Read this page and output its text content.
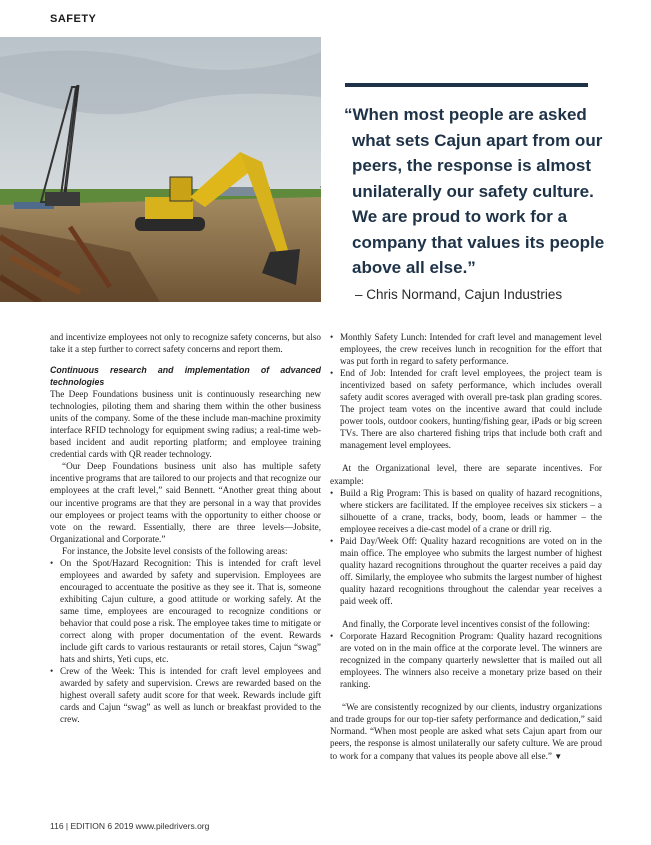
SAFETY
“When most people are asked what sets Cajun apart from our peers, the response is almost unilaterally our safety culture. We are proud to work for a company that values its people above all else.”
– Chris Normand, Cajun Industries

and incentivize employees not only to recognize safety concerns, but also take it a step further to correct safety concerns and report them.

Continuous research and implementation of advanced technologies

The Deep Foundations business unit is continuously researching new technologies, piloting them and sharing them within the other business units of the company. Some of the these include man-machine proximity interface RFID technology for equipment swing radius; a real-time web-based incident and audit reporting platform; and employee training credential cards with QR reader technology.

“Our Deep Foundations business unit also has multiple safety incentive programs that are tailored to our projects and that recognize our employees at the craft level,” said Bennett. “Another great thing about our incentive programs are that they are personal in a way that provides our employees or project teams with the opportunity to either choose or vote on the reward. Essentially, there are three levels—Jobsite, Organizational and Corporate.”

For instance, the Jobsite level consists of the following areas:

• On the Spot/Hazard Recognition: This is intended for craft level employees and awarded by safety and supervision. Employees are encouraged to accentuate the positive as they see it. That is, someone exhibiting Cajun culture, a good attitude or working safely. At the same time, employees are encouraged to recognize conditions or behavior that could pose a risk. The employee takes time to mitigate or correct along with proper documentation of the event. Rewards include gift cards to various restaurants or retail stores, Cajun “swag” hats and shirts, Yeti cups, etc.

• Crew of the Week: This is intended for craft level employees and awarded by safety and supervision. Crews are rewarded based on the highest overall safety audit score for that week. Rewards include gift cards and Cajun “swag” as well as lunch or breakfast provided to the crew.

• Monthly Safety Lunch: Intended for craft level and management level employees, the crew receives lunch in recognition for the effort that was put forth in regard to safety performance.

• End of Job: Intended for craft level employees, the project team is incentivized based on safety performance, which includes overall safety audit scores averaged with overall pre-task plan grading scores. The project team votes on the incentive award that could include power tools, outdoor cookers, hunting/fishing gear, iPads or big screen TVs. There are also chartered fishing trips that include both craft and management level employees.

At the Organizational level, there are separate incentives. For example:

• Build a Rig Program: This is based on quality of hazard recognitions, where stickers are facilitated. If the employee receives six stickers – a silhouette of a crane, tracks, body, boom, leads or hammer – the employee receives a die-cast model of a crane or drill rig.

• Paid Day/Week Off: Quality hazard recognitions are voted on in the main office. The employee who submits the largest number of highest quality hazard recognitions throughout the quarter receives a paid day off. Similarly, the employee who submits the largest number of highest quality hazard recognitions throughout the calendar year receives a paid week off.

And finally, the Corporate level incentives consist of the following:

• Corporate Hazard Recognition Program: Quality hazard recognitions are voted on in the main office at the corporate level. The winners are recognized in the company quarterly newsletter that is mailed out all employees. The winners also receive a monetary prize based on their ranking.

“We are consistently recognized by our clients, industry organizations and trade groups for our top-tier safety performance and dedication,” said Normand. “When most people are asked what sets Cajun apart from our peers, the response is almost unilaterally our safety culture. We are proud to work for a company that values its people above all else.” ▼

116 | EDITION 6 2019 www.piledrivers.org
